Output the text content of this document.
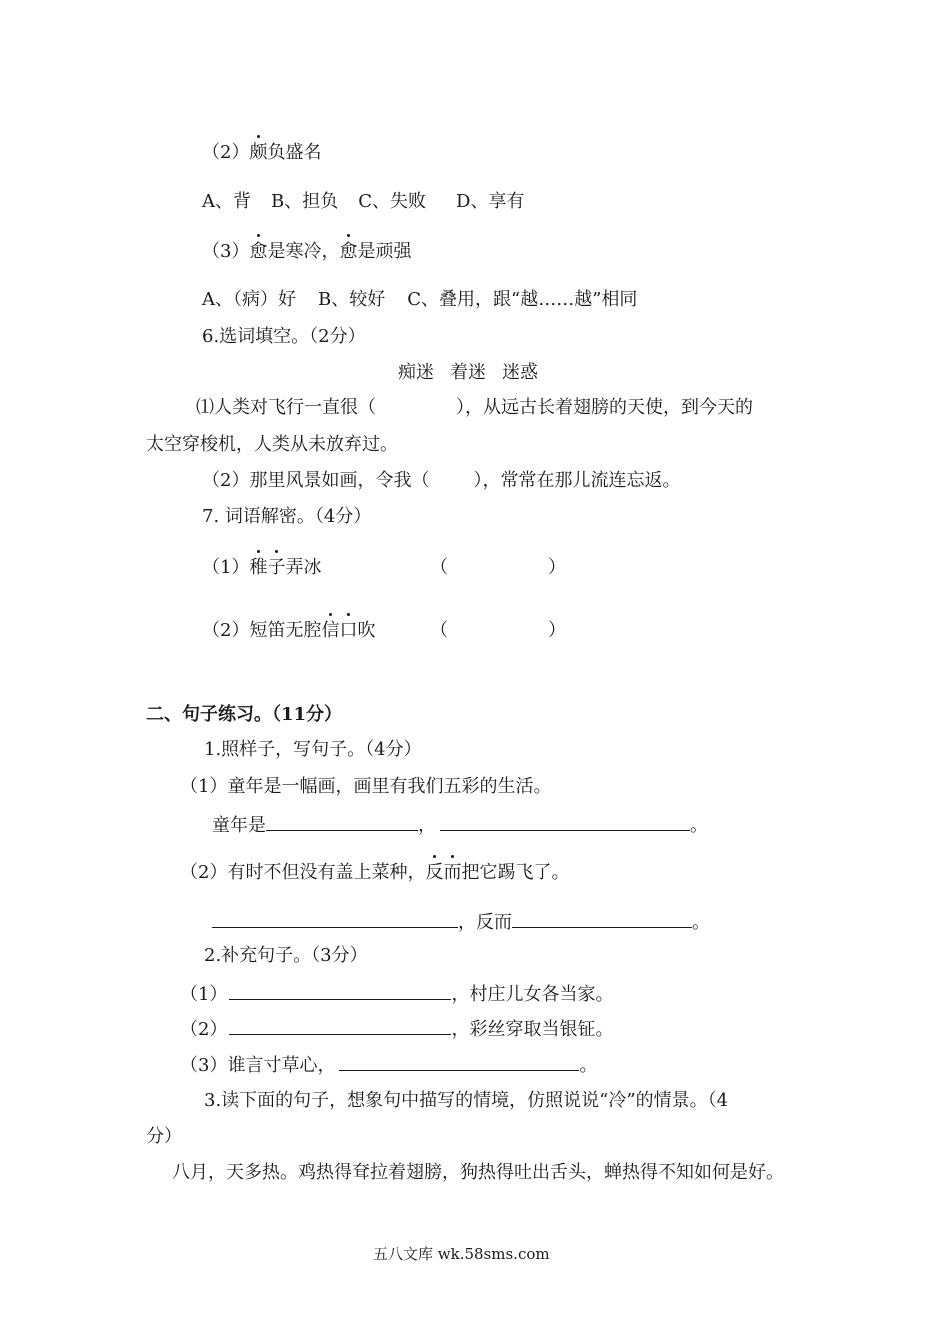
（2）颇负盛名
A、背 B、担负 C、失败 D、享有
（3）愈是寒冷，愈是顽强
A、（病）好 B、较好 C、叠用，跟“越……越”相同
6.选词填空。（2分）
痴迷 着迷 迷惑
⑴人类对飞行一直很（	），从远古长着翅膀的天使，到今天的
太空穿梭机，人类从未放弃过。
（2）那里风景如画，令我（ ），常常在那儿流连忘返。
7. 词语解密。（4分）
（1）稚子弄冰	（	）
（2）短笛无腔信口吹	（	）
二、句子练习。（11分）
1.照样子，写句子。（4分）
（1）童年是一幅画，画里有我们五彩的生活。
童年是	，	。
（2）有时不但没有盖上菜种，反而把它踢飞了。
，反而	。
2.补充句子。（3分）
（1）	，村庄儿女各当家。
（2）	，彩丝穿取当银钲。
（3）谁言寸草心，	。
3.读下面的句子，想象句中描写的情境，仿照说说“冷”的情景。（4
分）
八月，天多热。鸡热得耷拉着翅膀，狗热得吐出舌头，蝉热得不知如何是好。
五八文库 wk.58sms.com
